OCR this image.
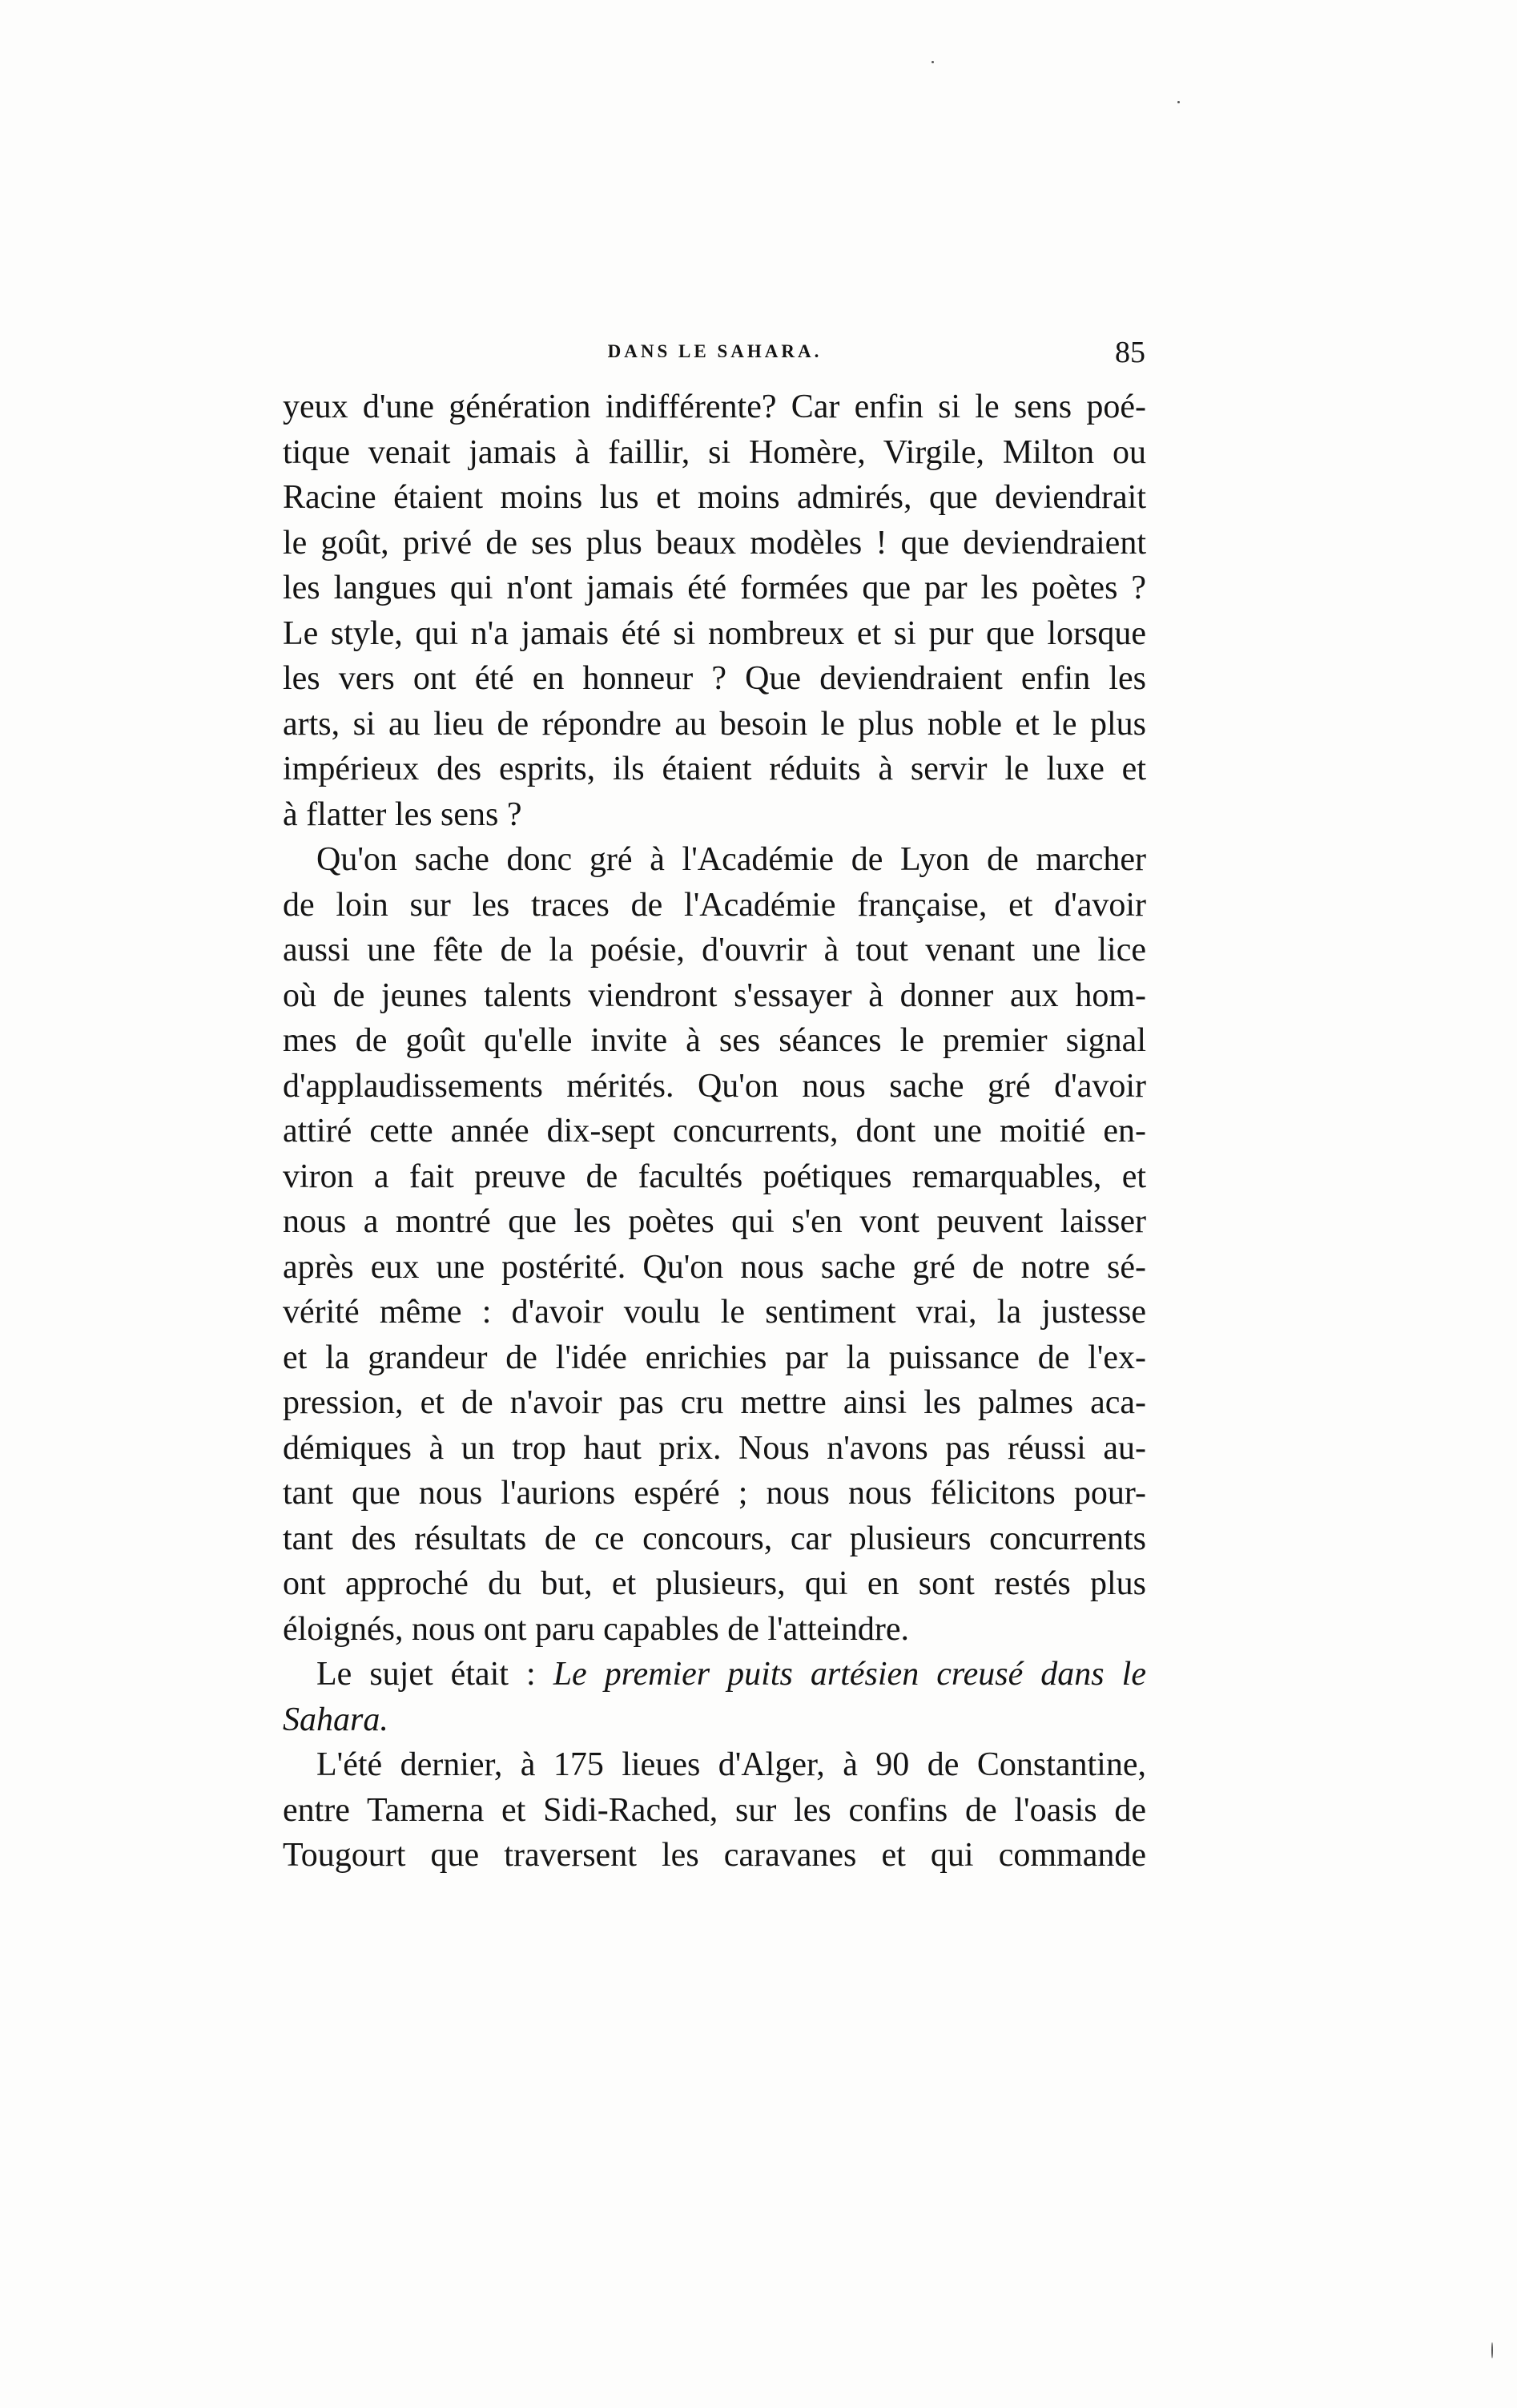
DANS LE SAHARA.	85
yeux d'une génération indifférente? Car enfin si le sens poé-
tique venait jamais à faillir, si Homère, Virgile, Milton ou
Racine étaient moins lus et moins admirés, que deviendrait
le goût, privé de ses plus beaux modèles ! que deviendraient
les langues qui n'ont jamais été formées que par les poètes ?
Le style, qui n'a jamais été si nombreux et si pur que lorsque
les vers ont été en honneur ? Que deviendraient enfin les
arts, si au lieu de répondre au besoin le plus noble et le plus
impérieux des esprits, ils étaient réduits à servir le luxe et
à flatter les sens ?
Qu'on sache donc gré à l'Académie de Lyon de marcher
de loin sur les traces de l'Académie française, et d'avoir
aussi une fête de la poésie, d'ouvrir à tout venant une lice
où de jeunes talents viendront s'essayer à donner aux hom-
mes de goût qu'elle invite à ses séances le premier signal
d'applaudissements mérités. Qu'on nous sache gré d'avoir
attiré cette année dix-sept concurrents, dont une moitié en-
viron a fait preuve de facultés poétiques remarquables, et
nous a montré que les poètes qui s'en vont peuvent laisser
après eux une postérité. Qu'on nous sache gré de notre sé-
vérité même : d'avoir voulu le sentiment vrai, la justesse
et la grandeur de l'idée enrichies par la puissance de l'ex-
pression, et de n'avoir pas cru mettre ainsi les palmes aca-
démiques à un trop haut prix. Nous n'avons pas réussi au-
tant que nous l'aurions espéré ; nous nous félicitons pour-
tant des résultats de ce concours, car plusieurs concurrents
ont approché du but, et plusieurs, qui en sont restés plus
éloignés, nous ont paru capables de l'atteindre.
Le sujet était : Le premier puits artésien creusé dans le
Sahara.
L'été dernier, à 175 lieues d'Alger, à 90 de Constantine,
entre Tamerna et Sidi-Rached, sur les confins de l'oasis de
Tougourt que traversent les caravanes et qui commande
